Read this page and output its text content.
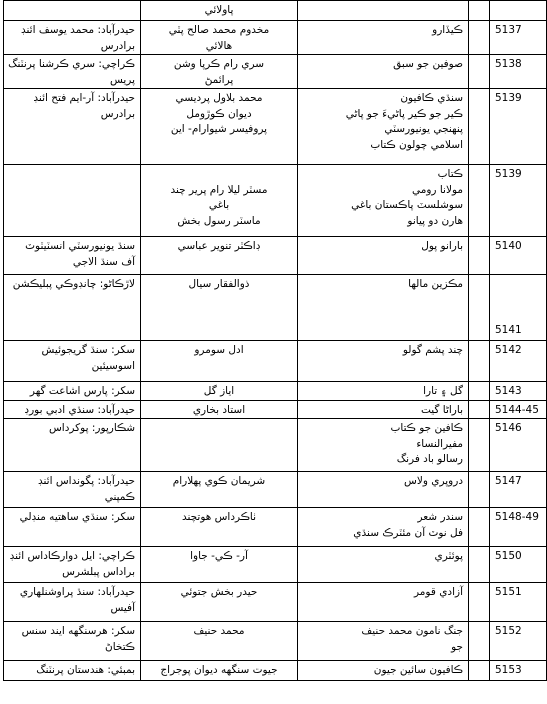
	پاولائي			

حيدرآباد: محمد يوسف ائنڊ
برادرس	مخدوم محمد صالح پٽي
هالائي	ڪيڏارو		5137

ڪراچي: سري ڪرشنا پرنٽنگ
پريس	سري رام ڪرپا وشن
پرائمڻ	صوفين جو سبق		5138

حيدرآباد: آر-ايم فتح ائنڊ
برادرس	محمد بلاول پرديسي
ديوان ڪوڙومل
پروفيسر شيوارام- اين	سنڌي ڪافيون
ڪير جو ڪير پاڻيءَ جو پاڻي
پنهنجي يونيورسٽي
اسلامي چولون ڪتاب		5139

	مسٽر ليلا رام پرير چند
باغي
ماسٽر رسول بخش	ڪتاب
مولانا رومي
سوشلسٽ پاڪستان باغي
هارن دو پيانو		5139

سنڌ يونيورسٽي انسٽيٽوٽ
آف سنڌ الاجي	ڊاڪٽر تنوير عباسي	بارانو پول		5140

لاڙڪاڻو: چانڊوڪي پبليڪشن	ذوالفقار سيال	مڪزين مالها		5141

سکر: سنڌ گريجوئيش
اسوسيئين	ادل سومرو	چند پشم گولو		5142

سکر: پارس اشاعت گهر	اياز گل	گل ۽ تارا		5143

حيدرآباد: سنڌي ادبي بورڊ	استاد بخاري	باراڻا گيت		5144-45

شڪارپور: پوکرداس		ڪافين جو ڪتاب
مفيرالنساء
رسالو باد فرنگ		5146

حيدرآباد: پگونداس ائنڊ
ڪمپني	شريمان ڪوي پهلارام	دروپري ولاس		5147

سکر: سنڌي ساهتيه منڊلي	ٺاڪرداس هوتچند	سندر شعر
فل نوٽ آن مئٽرڪ سنڌي		5148-49

ڪراچي: ايل دوارڪاداس ائنڊ
براداس پبلشرس	آر- ڪي- جاوا	پوئٽري		5150

حيدرآباد: سنڌ پراوشنلهاري
آفيس	حيدر بخش جتوئي	آزادي قومر		5151

سکر: هرسنگهه ايند سنس
ڪتخاڻ	محمد حنيف	جنگ نامون محمد حنيف
جو		5152

بمبئي: هندستان پرنٽنگ	جيوت سنگهه ديوان پوجراج	ڪافيون سائين جيون		5153
